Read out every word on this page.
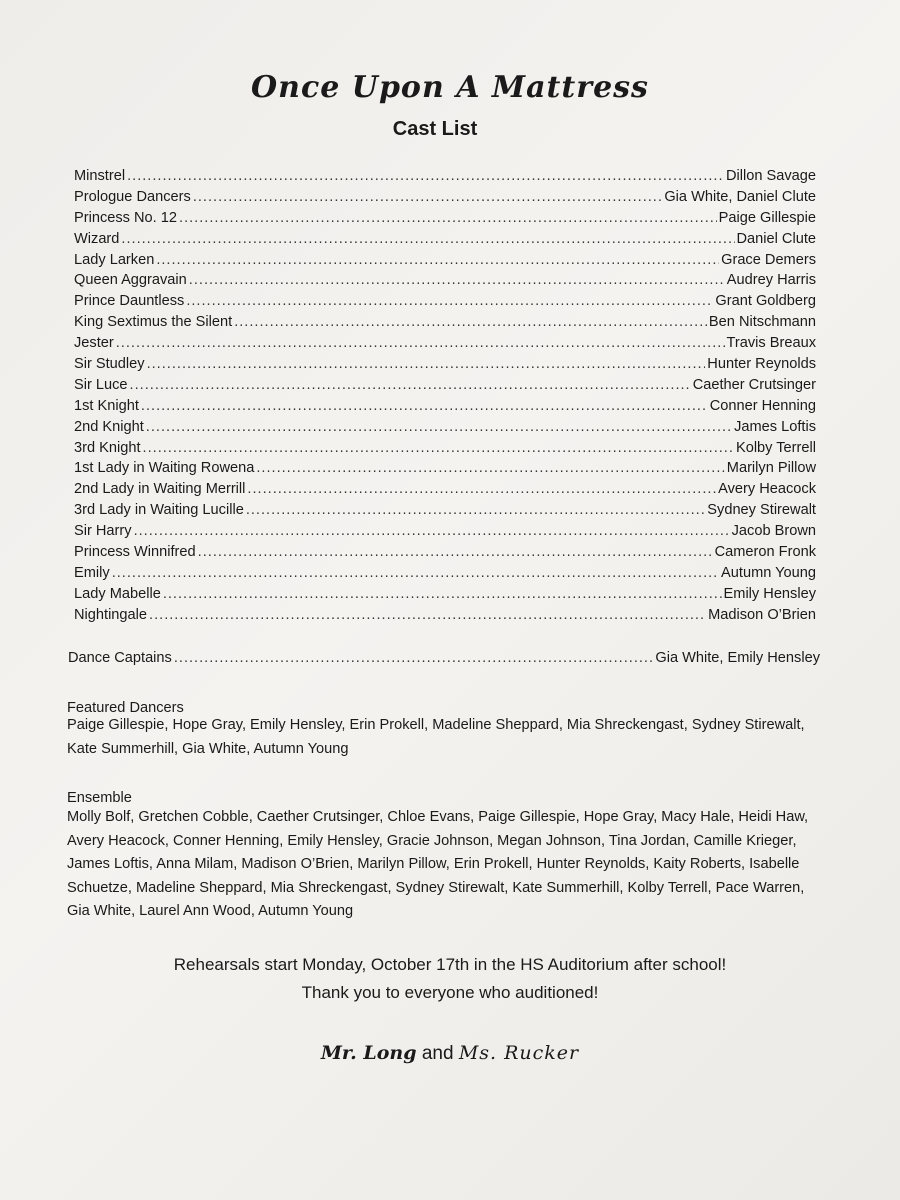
Once Upon A Mattress
Cast List
Minstrel .....	Dillon Savage
Prologue Dancers .....	Gia White, Daniel Clute
Princess No. 12 .....	Paige Gillespie
Wizard .....	Daniel Clute
Lady Larken .....	Grace Demers
Queen Aggravain .....	Audrey Harris
Prince Dauntless .....	Grant Goldberg
King Sextimus the Silent .....	Ben Nitschmann
Jester .....	Travis Breaux
Sir Studley .....	Hunter Reynolds
Sir Luce .....	Caether Crutsinger
1st Knight .....	Conner Henning
2nd Knight .....	James Loftis
3rd Knight .....	Kolby Terrell
1st Lady in Waiting Rowena .....	Marilyn Pillow
2nd Lady in Waiting Merrill .....	Avery Heacock
3rd Lady in Waiting Lucille .....	Sydney Stirewalt
Sir Harry .....	Jacob Brown
Princess Winnifred .....	Cameron Fronk
Emily .....	Autumn Young
Lady Mabelle .....	Emily Hensley
Nightingale .....	Madison O’Brien
Dance Captains .....	Gia White, Emily Hensley
Featured Dancers
Paige Gillespie, Hope Gray, Emily Hensley, Erin Prokell, Madeline Sheppard, Mia Shreckengast, Sydney Stirewalt, Kate Summerhill, Gia White, Autumn Young
Ensemble
Molly Bolf, Gretchen Cobble, Caether Crutsinger, Chloe Evans, Paige Gillespie, Hope Gray, Macy Hale, Heidi Haw, Avery Heacock, Conner Henning, Emily Hensley, Gracie Johnson, Megan Johnson, Tina Jordan, Camille Krieger, James Loftis, Anna Milam, Madison O’Brien, Marilyn Pillow, Erin Prokell, Hunter Reynolds, Kaity Roberts, Isabelle Schuetze, Madeline Sheppard, Mia Shreckengast, Sydney Stirewalt, Kate Summerhill, Kolby Terrell, Pace Warren, Gia White, Laurel Ann Wood, Autumn Young
Rehearsals start Monday, October 17th in the HS Auditorium after school!
Thank you to everyone who auditioned!
Mr. Long and Ms. Rucker
